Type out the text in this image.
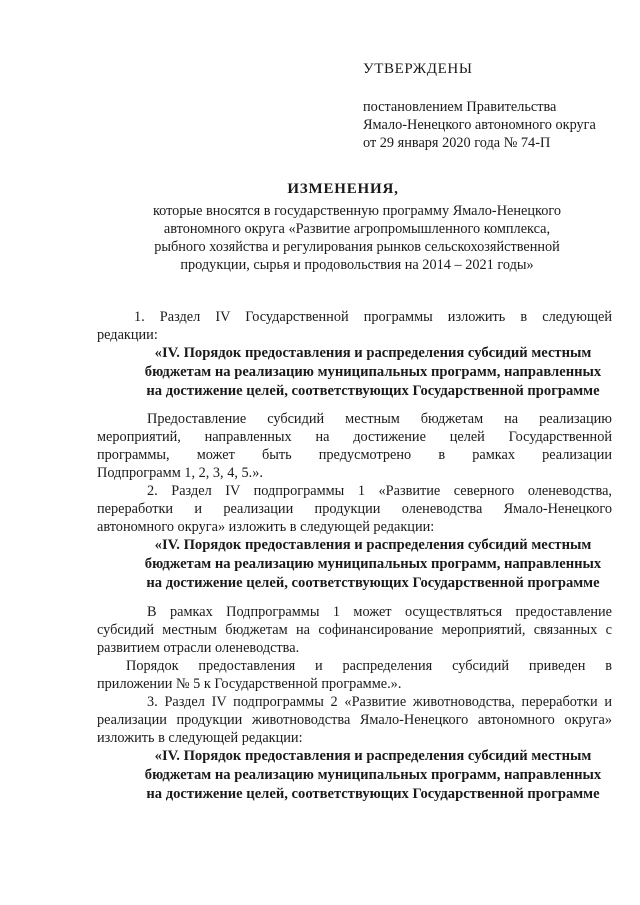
УТВЕРЖДЕНЫ
постановлением Правительства
Ямало-Ненецкого автономного округа
от 29 января 2020 года № 74-П
ИЗМЕНЕНИЯ,
которые вносятся в государственную программу Ямало-Ненецкого
автономного округа «Развитие агропромышленного комплекса,
рыбного хозяйства и регулирования рынков сельскохозяйственной
продукции, сырья и продовольствия на 2014 – 2021 годы»
1. Раздел IV Государственной программы изложить в следующей
редакции:
«IV. Порядок предоставления и распределения субсидий местным
бюджетам на реализацию муниципальных программ, направленных
на достижение целей, соответствующих Государственной программе
Предоставление субсидий местным бюджетам на реализацию
мероприятий, направленных на достижение целей Государственной
программы, может быть предусмотрено в рамках реализации
Подпрограмм 1, 2, 3, 4, 5.».
2. Раздел IV подпрограммы 1 «Развитие северного оленеводства,
переработки и реализации продукции оленеводства Ямало-Ненецкого
автономного округа» изложить в следующей редакции:
«IV. Порядок предоставления и распределения субсидий местным
бюджетам на реализацию муниципальных программ, направленных
на достижение целей, соответствующих Государственной программе
В рамках Подпрограммы 1 может осуществляться предоставление
субсидий местным бюджетам на софинансирование мероприятий, связанных с
развитием отрасли оленеводства.
Порядок предоставления и распределения субсидий приведен в
приложении № 5 к Государственной программе.».
3. Раздел IV подпрограммы 2 «Развитие животноводства, переработки и
реализации продукции животноводства Ямало-Ненецкого автономного округа»
изложить в следующей редакции:
«IV. Порядок предоставления и распределения субсидий местным
бюджетам на реализацию муниципальных программ, направленных
на достижение целей, соответствующих Государственной программе
